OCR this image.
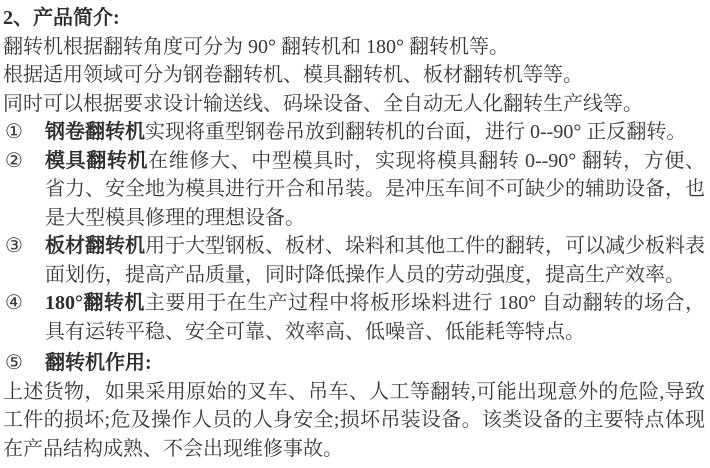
2、产品简介:

翻转机根据翻转角度可分为 90° 翻转机和 180° 翻转机等。

根据适用领域可分为钢卷翻转机、模具翻转机、板材翻转机等等。

同时可以根据要求设计输送线、码垛设备、全自动无人化翻转生产线等。

① 钢卷翻转机实现将重型钢卷吊放到翻转机的台面，进行 0--90° 正反翻转。
② 模具翻转机在维修大、中型模具时，实现将模具翻转 0--90° 翻转，方便、省力、安全地为模具进行开合和吊装。是冲压车间不可缺少的辅助设备，也是大型模具修理的理想设备。
③ 板材翻转机用于大型钢板、板材、垛料和其他工件的翻转，可以减少板料表面划伤，提高产品质量，同时降低操作人员的劳动强度，提高生产效率。
④ 180°翻转机主要用于在生产过程中将板形垛料进行 180° 自动翻转的场合，具有运转平稳、安全可靠、效率高、低噪音、低能耗等特点。
⑤ 翻转机作用:

上述货物，如果采用原始的叉车、吊车、人工等翻转,可能出现意外的危险,导致工件的损坏;危及操作人员的人身安全;损坏吊装设备。该类设备的主要特点体现在产品结构成熟、不会出现维修事故。
